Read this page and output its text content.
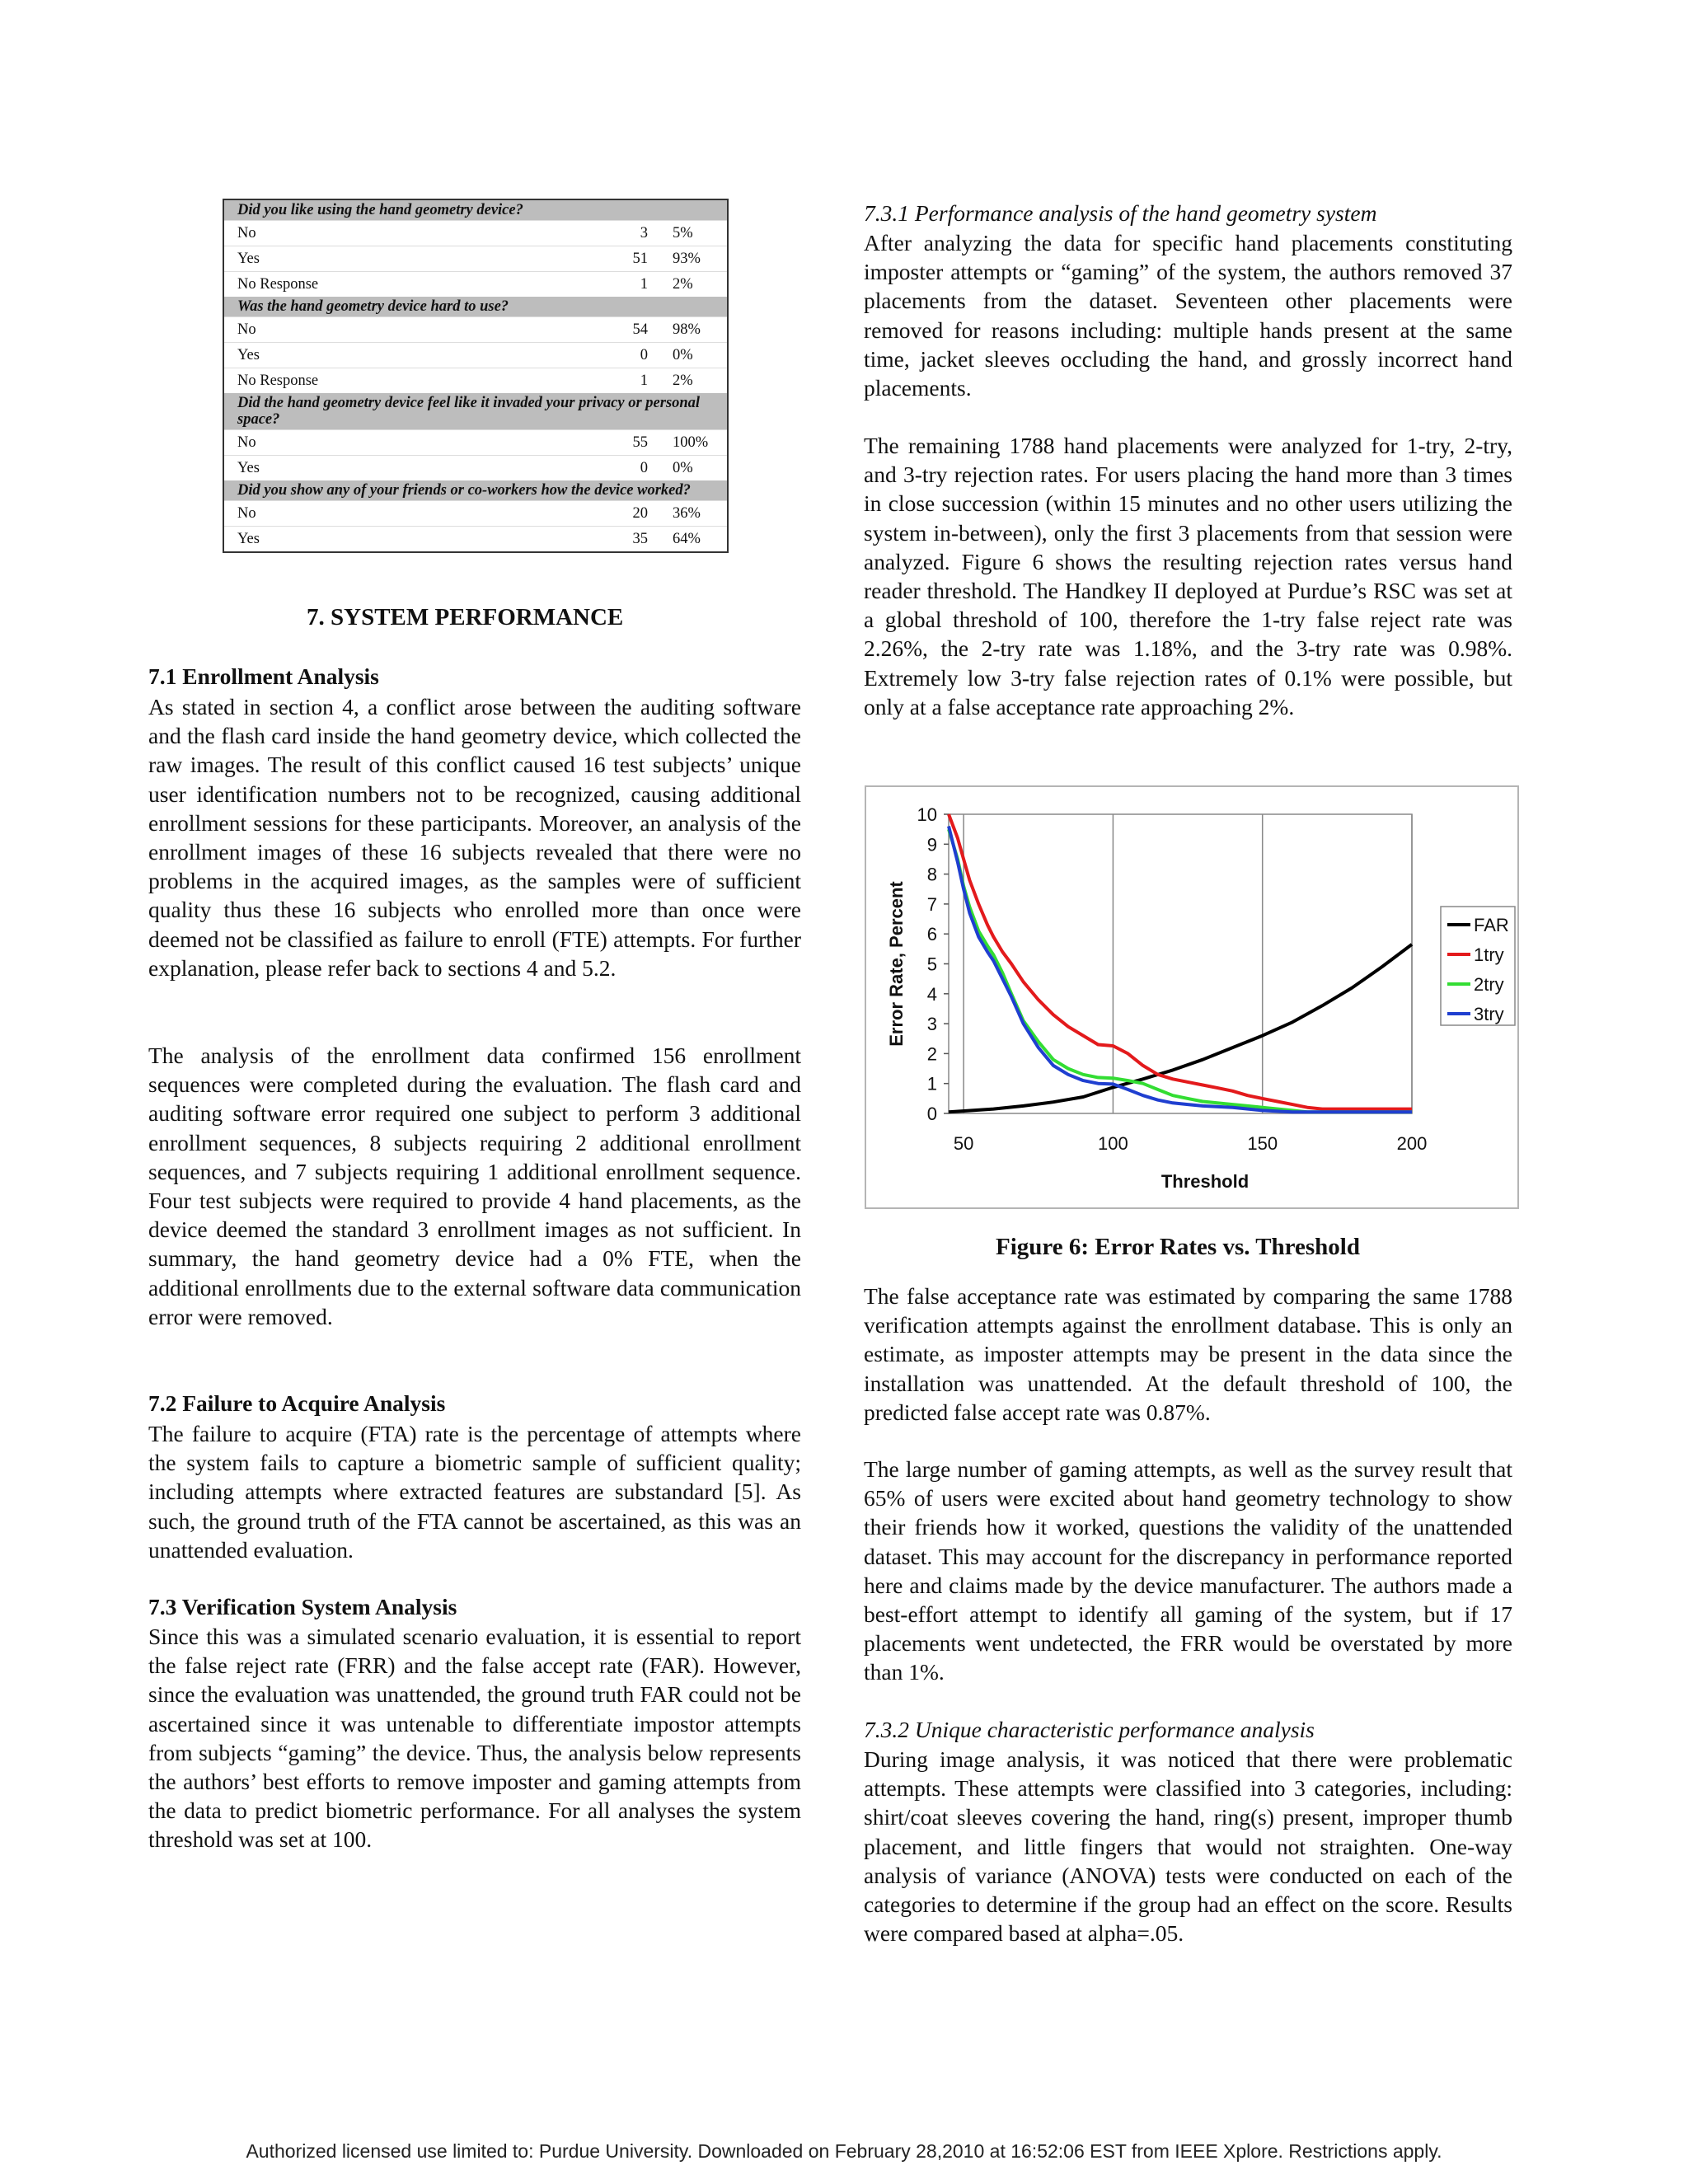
Did you like using the hand geometry device?
No	3 5%
Yes	51 93%
No Response	1 2%
Was the hand geometry device hard to use?
No	54 98%
Yes	0 0%
No Response	1 2%
Did the hand geometry device feel like it invaded your privacy or personal space?
No	55 100%
Yes	0 0%
Did you show any of your friends or co-workers how the device worked?
No	20 36%
Yes	35 64%
7. SYSTEM PERFORMANCE
7.1 Enrollment Analysis

As stated in section 4, a conflict arose between the auditing software and the flash card inside the hand geometry device, which collected the raw images. The result of this conflict caused 16 test subjects’ unique user identification numbers not to be recognized, causing additional enrollment sessions for these participants. Moreover, an analysis of the enrollment images of these 16 subjects revealed that there were no problems in the acquired images, as the samples were of sufficient quality thus these 16 subjects who enrolled more than once were deemed not be classified as failure to enroll (FTE) attempts. For further explanation, please refer back to sections 4 and 5.2.

The analysis of the enrollment data confirmed 156 enrollment sequences were completed during the evaluation. The flash card and auditing software error required one subject to perform 3 additional enrollment sequences, 8 subjects requiring 2 additional enrollment sequences, and 7 subjects requiring 1 additional enrollment sequence. Four test subjects were required to provide 4 hand placements, as the device deemed the standard 3 enrollment images as not sufficient. In summary, the hand geometry device had a 0% FTE, when the additional enrollments due to the external software data communication error were removed.

7.2 Failure to Acquire Analysis

The failure to acquire (FTA) rate is the percentage of attempts where the system fails to capture a biometric sample of sufficient quality; including attempts where extracted features are substandard [5]. As such, the ground truth of the FTA cannot be ascertained, as this was an unattended evaluation.

7.3 Verification System Analysis

Since this was a simulated scenario evaluation, it is essential to report the false reject rate (FRR) and the false accept rate (FAR). However, since the evaluation was unattended, the ground truth FAR could not be ascertained since it was untenable to differentiate impostor attempts from subjects “gaming” the device. Thus, the analysis below represents the authors’ best efforts to remove imposter and gaming attempts from the data to predict biometric performance. For all analyses the system threshold was set at 100.

7.3.1 Performance analysis of the hand geometry system

After analyzing the data for specific hand placements constituting imposter attempts or “gaming” of the system, the authors removed 37 placements from the dataset. Seventeen other placements were removed for reasons including: multiple hands present at the same time, jacket sleeves occluding the hand, and grossly incorrect hand placements.

The remaining 1788 hand placements were analyzed for 1-try, 2-try, and 3-try rejection rates. For users placing the hand more than 3 times in close succession (within 15 minutes and no other users utilizing the system in-between), only the first 3 placements from that session were analyzed. Figure 6 shows the resulting rejection rates versus hand reader threshold. The Handkey II deployed at Purdue’s RSC was set at a global threshold of 100, therefore the 1-try false reject rate was 2.26%, the 2-try rate was 1.18%, and the 3-try rate was 0.98%. Extremely low 3-try false rejection rates of 0.1% were possible, but only at a false acceptance rate approaching 2%.

The false acceptance rate was estimated by comparing the same 1788 verification attempts against the enrollment database. This is only an estimate, as imposter attempts may be present in the data since the installation was unattended. At the default threshold of 100, the predicted false accept rate was 0.87%.

The large number of gaming attempts, as well as the survey result that 65% of users were excited about hand geometry technology to show their friends how it worked, questions the validity of the unattended dataset. This may account for the discrepancy in performance reported here and claims made by the device manufacturer. The authors made a best-effort attempt to identify all gaming of the system, but if 17 placements went undetected, the FRR would be overstated by more than 1%.

7.3.2 Unique characteristic performance analysis

During image analysis, it was noticed that there were problematic attempts. These attempts were classified into 3 categories, including: shirt/coat sleeves covering the hand, ring(s) present, improper thumb placement, and little fingers that would not straighten. One-way analysis of variance (ANOVA) tests were conducted on each of the categories to determine if the group had an effect on the score. Results were compared based at alpha=.05.

50	100	150	200
0
1
2
3
4
5
6
7
8
9
10
Threshold
Error Rate, Percent	FAR
1try
2try
3try
Figure 6: Error Rates vs. Threshold
Authorized licensed use limited to: Purdue University. Downloaded on February 28,2010 at 16:52:06 EST from IEEE Xplore. Restrictions apply.
